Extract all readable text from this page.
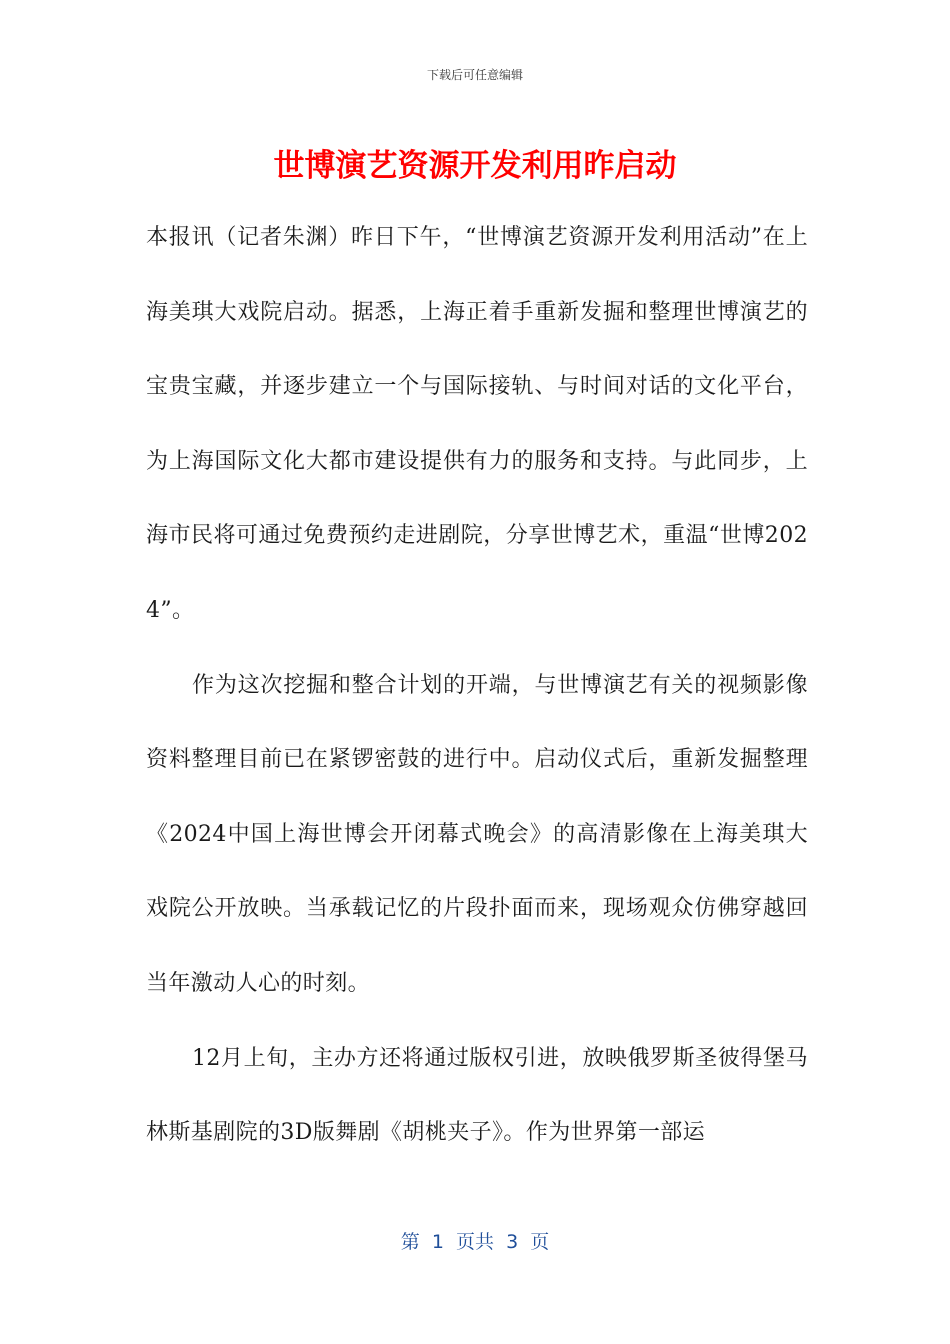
下载后可任意编辑
世博演艺资源开发利用昨启动

本报讯（记者朱渊）昨日下午，“世博演艺资源开发利用活动”在上海美琪大戏院启动。据悉，上海正着手重新发掘和整理世博演艺的宝贵宝藏，并逐步建立一个与国际接轨、与时间对话的文化平台，为上海国际文化大都市建设提供有力的服务和支持。与此同步，上海市民将可通过免费预约走进剧院，分享世博艺术，重温“世博2024”。

作为这次挖掘和整合计划的开端，与世博演艺有关的视频影像资料整理目前已在紧锣密鼓的进行中。启动仪式后，重新发掘整理《2024中国上海世博会开闭幕式晚会》的高清影像在上海美琪大戏院公开放映。当承载记忆的片段扑面而来，现场观众仿佛穿越回当年激动人心的时刻。

12月上旬，主办方还将通过版权引进，放映俄罗斯圣彼得堡马林斯基剧院的3D版舞剧《胡桃夹子》。作为世界第一部运

第  1  页共  3  页
